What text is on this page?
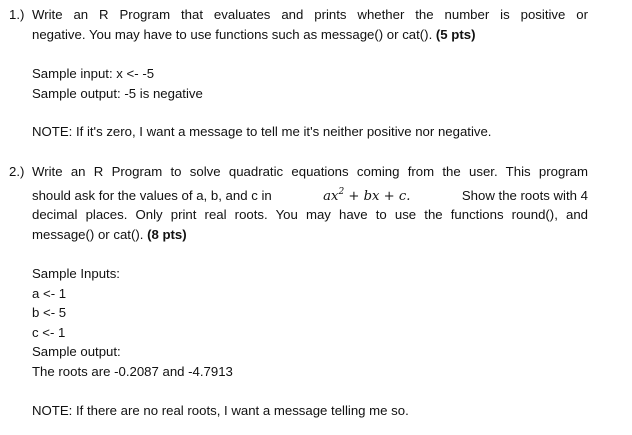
1.) Write an R Program that evaluates and prints whether the number is positive or
negative. You may have to use functions such as message() or cat(). (5 pts)
Sample input: x <- -5
Sample output: -5 is negative
NOTE: If it's zero, I want a message to tell me it's neither positive nor negative.
2.) Write an R Program to solve quadratic equations coming from the user. This program
should ask for the values of a, b, and c in	$ax^2$ + bx + c.	Show the roots with 4
decimal places. Only print real roots. You may have to use the functions round(), and
message() or cat(). (8 pts)
Sample Inputs:
a <- 1
b <- 5
c <- 1
Sample output:
The roots are -0.2087 and -4.7913
NOTE: If there are no real roots, I want a message telling me so.
